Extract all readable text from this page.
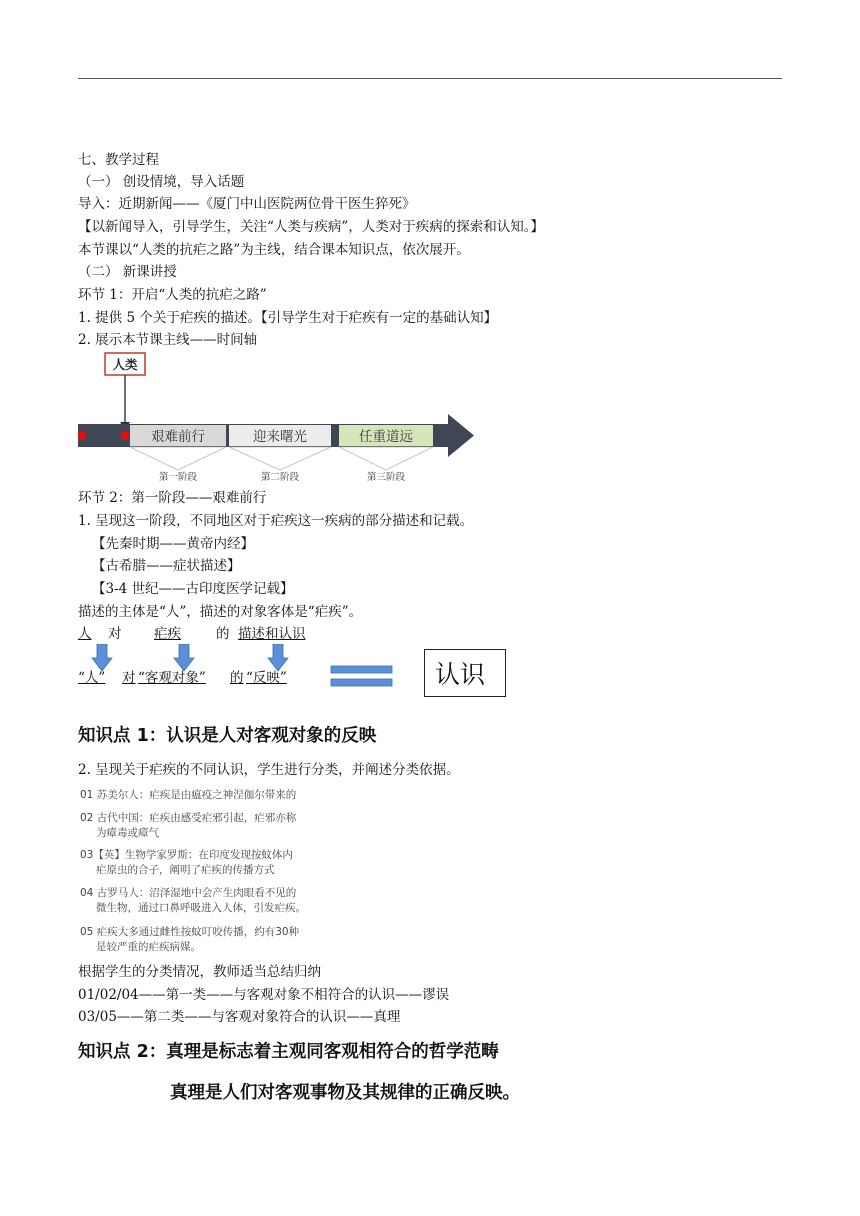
七、教学过程
（一） 创设情境，导入话题
导入：近期新闻——《厦门中山医院两位骨干医生猝死》
【以新闻导入，引导学生，关注“人类与疾病”，人类对于疾病的探索和认知。】
本节课以“人类的抗疟之路”为主线，结合课本知识点，依次展开。
（二） 新课讲授
环节 1：开启“人类的抗疟之路”
1. 提供 5 个关于疟疾的描述。【引导学生对于疟疾有一定的基础认知】
2. 展示本节课主线——时间轴
人类
艰难前行	迎来曙光	任重道远
第一阶段	第二阶段	第三阶段
环节 2：第一阶段——艰难前行
1. 呈现这一阶段，不同地区对于疟疾这一疾病的部分描述和记载。
【先秦时期——黄帝内经】
【古希腊——症状描述】
【3-4 世纪——古印度医学记载】
描述的主体是“人”，描述的对象客体是“疟疾”。
人 对 疟疾	的 描述和认识
“人” 对 “客观对象” 的 “反映”	认识
知识点 1：认识是人对客观对象的反映
2. 呈现关于疟疾的不同认识，学生进行分类，并阐述分类依据。
01 苏美尔人：疟疾是由瘟疫之神涅伽尔带来的
02 古代中国：疟疾由感受疟邪引起，疟邪亦称
为瘴毒或瘴气
03【英】生物学家罗斯：在印度发现按蚊体内
疟原虫的合子，阐明了疟疾的传播方式
04 古罗马人：沼泽湿地中会产生肉眼看不见的
微生物，通过口鼻呼吸进入人体，引发疟疾。
05 疟疾大多通过雌性按蚊叮咬传播，约有30种
是较严重的疟疾病媒。
根据学生的分类情况，教师适当总结归纳
01/02/04——第一类——与客观对象不相符合的认识——谬误
03/05——第二类——与客观对象符合的认识——真理
知识点 2：真理是标志着主观同客观相符合的哲学范畴
真理是人们对客观事物及其规律的正确反映。
